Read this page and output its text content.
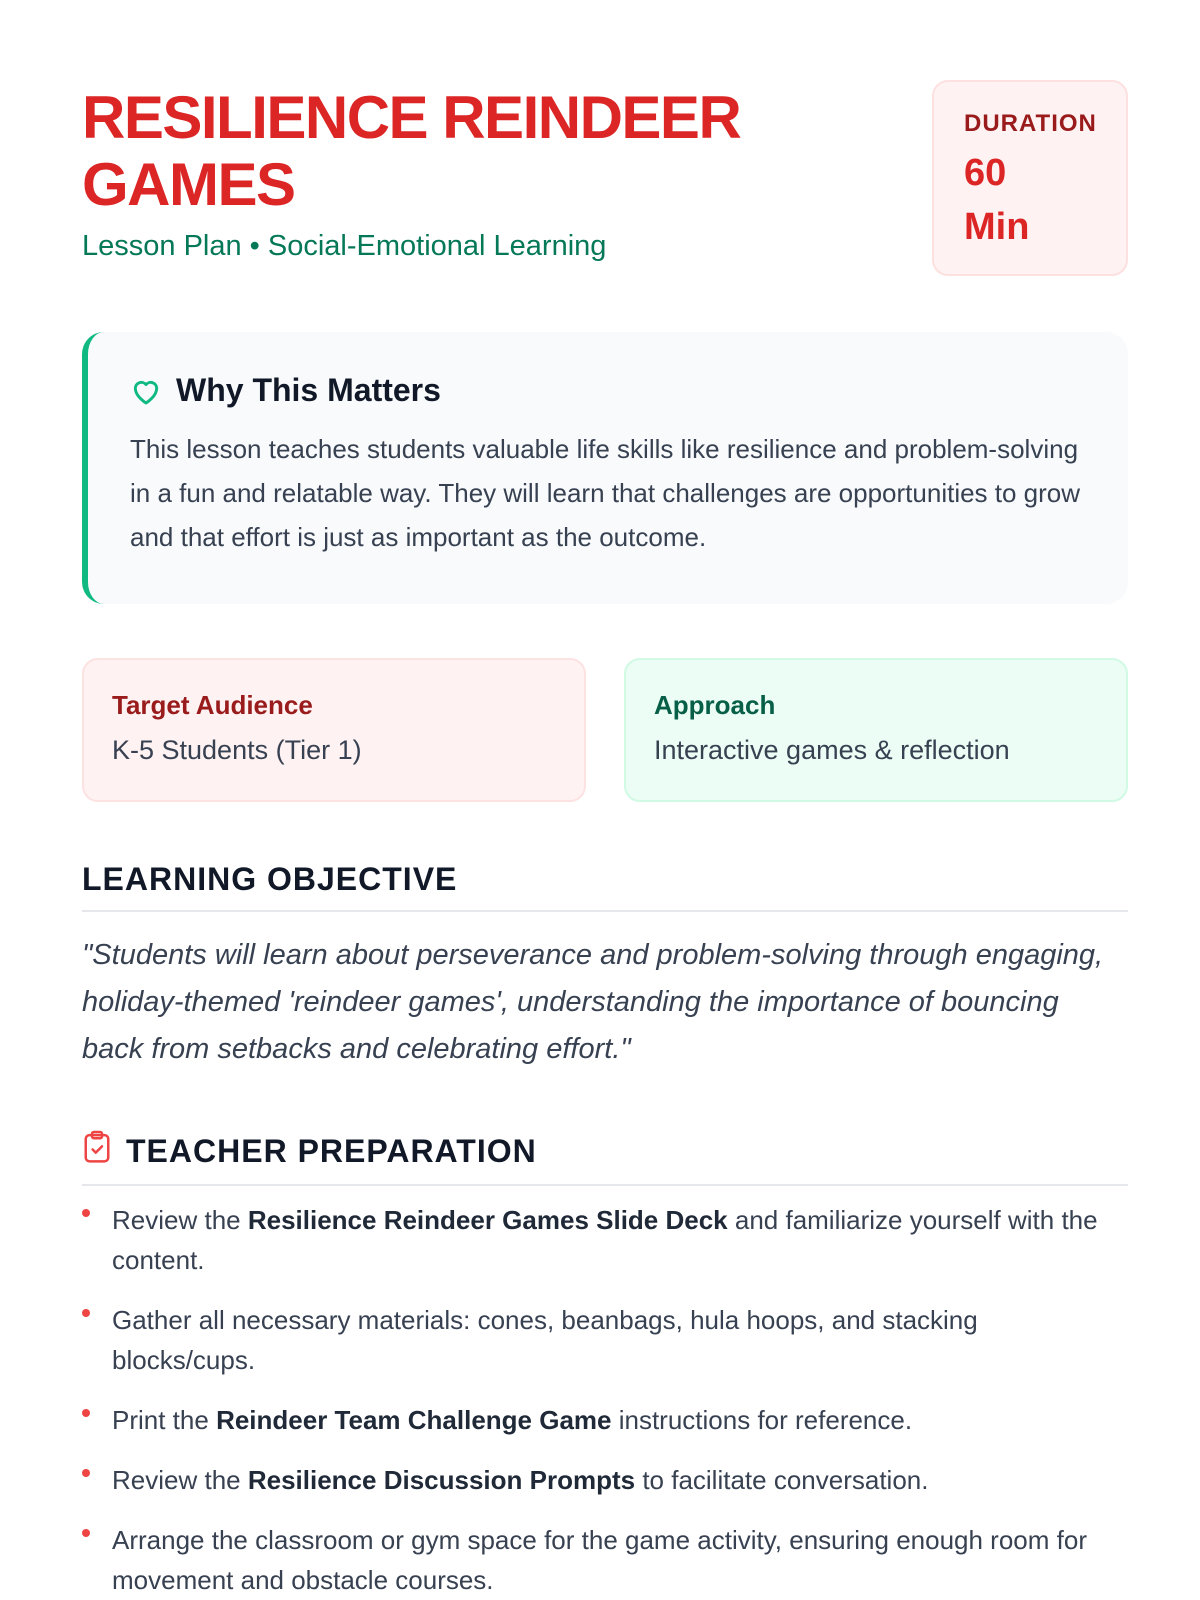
RESILIENCE REINDEER GAMES
Lesson Plan • Social-Emotional Learning
DURATION
60 Min
Why This Matters
This lesson teaches students valuable life skills like resilience and problem-solving in a fun and relatable way. They will learn that challenges are opportunities to grow and that effort is just as important as the outcome.
Target Audience
K-5 Students (Tier 1)
Approach
Interactive games & reflection
LEARNING OBJECTIVE
"Students will learn about perseverance and problem-solving through engaging, holiday-themed 'reindeer games', understanding the importance of bouncing back from setbacks and celebrating effort."
TEACHER PREPARATION
Review the Resilience Reindeer Games Slide Deck and familiarize yourself with the content.
Gather all necessary materials: cones, beanbags, hula hoops, and stacking blocks/cups.
Print the Reindeer Team Challenge Game instructions for reference.
Review the Resilience Discussion Prompts to facilitate conversation.
Arrange the classroom or gym space for the game activity, ensuring enough room for movement and obstacle courses.
